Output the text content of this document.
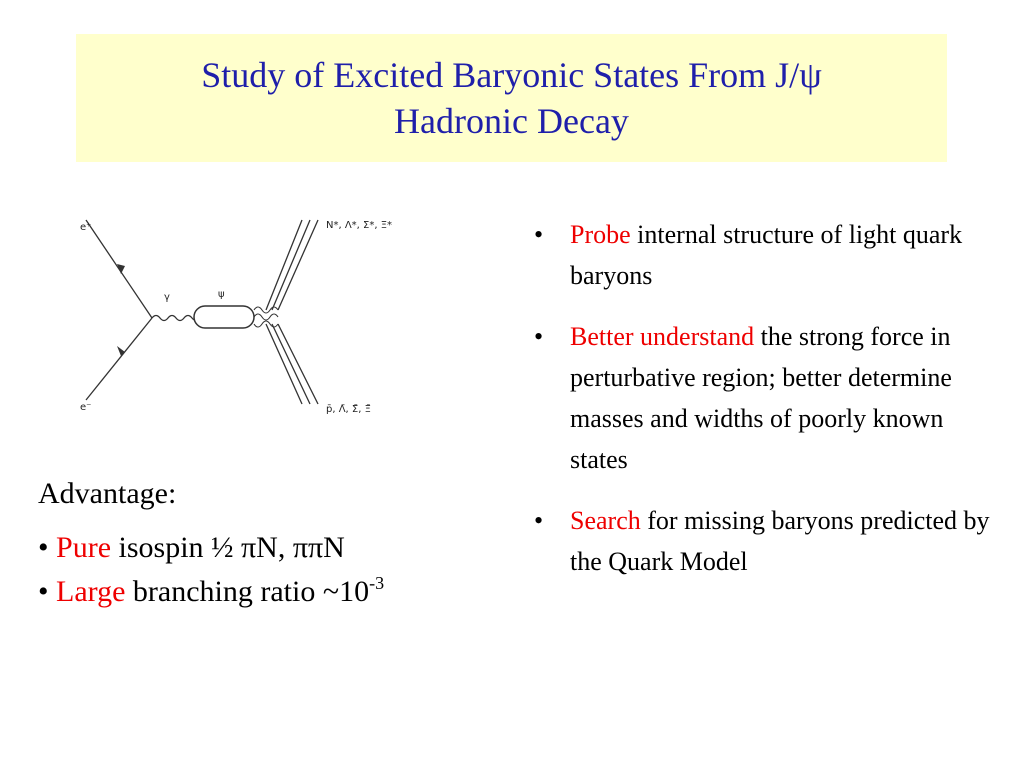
Study of Excited Baryonic States From J/ψ
Hadronic Decay
e⁺
e⁻
γ	ψ
N*, Λ*, Σ*, Ξ*
p̄, Λ̄, Σ̄, Ξ̄
Advantage:
• Pure isospin ½ πN, ππN
• Large branching ratio $\sim 10^{-3}$
• Probe internal structure of light quark baryons
• Better understand the strong force in perturbative region; better determine masses and widths of poorly known states
• Search for missing baryons predicted by the Quark Model
